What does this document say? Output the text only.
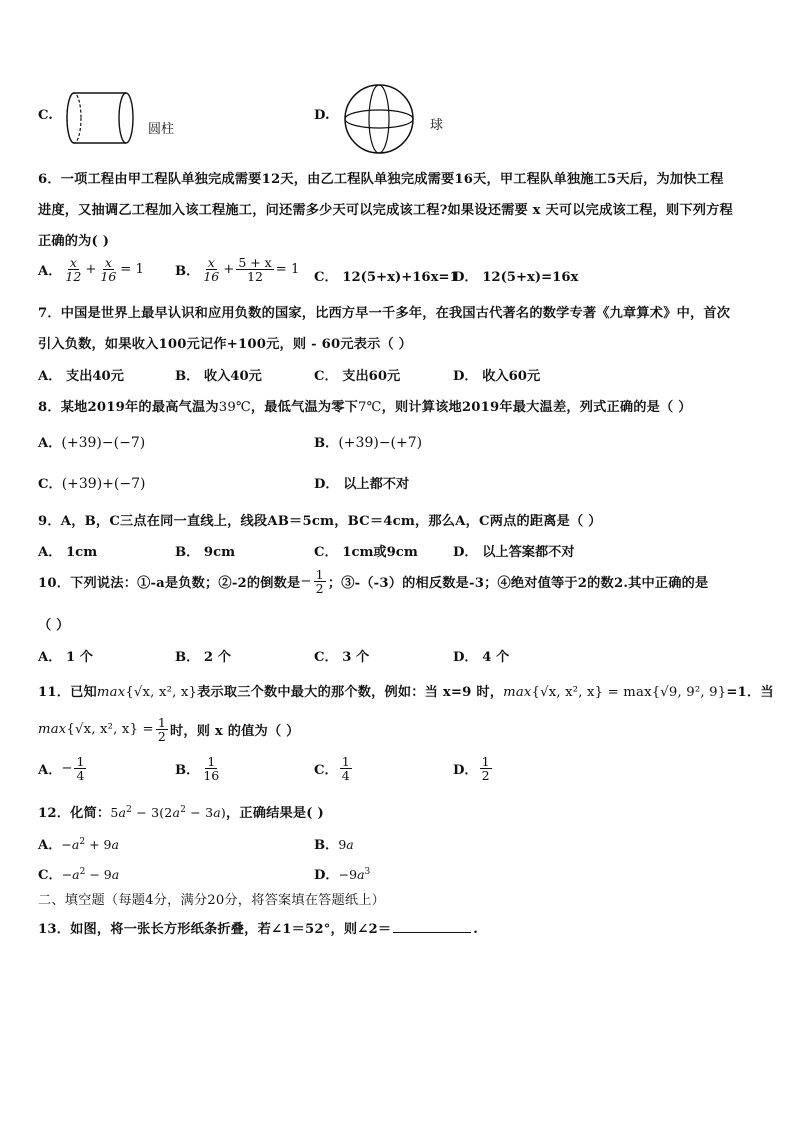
C.
圆柱
D.
球
6．一项工程由甲工程队单独完成需要12天，由乙工程队单独完成需要16天，甲工程队单独施工5天后，为加快工程
进度，又抽调乙工程加入该工程施工，问还需多少天可以完成该工程?如果设还需要 x 天可以完成该工程，则下列方程
正确的为( )
A． $\frac{x}{12} + \frac{x}{16} = 1$ B． $\frac{x}{16} + \frac{5 + x}{12} = 1$
C． 12(5+x)+16x=1
D． 12(5+x)=16x
7．中国是世界上最早认识和应用负数的国家，比西方早一千多年，在我国古代著名的数学专著《九章算术》中，首次
引入负数，如果收入100元记作+100元，则 - 60元表示（ ）
A． 支出40元	B． 收入40元	C． 支出60元	D． 收入60元
8．某地2019年的最高气温为39℃，最低气温为零下7℃，则计算该地2019年最大温差，列式正确的是（ ）
A．(+39)−(−7)	B．(+39)−(+7)
C．(+39)+(−7)	D． 以上都不对
9．A，B，C三点在同一直线上，线段AB＝5cm，BC＝4cm，那么A，C两点的距离是（ ）
A． 1cm	B． 9cm	C． 1cm或9cm	D． 以上答案都不对
10．下列说法：①-a是负数；②-2的倒数是 − $\frac{1}{2}$ ；③-（-3）的相反数是-3；④绝对值等于2的数2.其中正确的是
（ ）
A． 1 个	B． 2 个	C． 3 个	D． 4 个
11．已知max{√x, x², x}表示取三个数中最大的那个数，例如：当 x=9 时，max{√x, x², x} = max{√9, 9², 9}=1．当
max {√x, x², $x\} = \frac{1}{2}$ 时，则 x 的值为（ ）
A． − $\frac{1}{4}$	B． $\frac{1}{16}$	C． $\frac{1}{4}$	D． $\frac{1}{2}$
12．化简：$5a^2 - 3(2a^2 - 3a)$，正确结果是( )
A．$-a^2 + 9a$	B．9a
C．$-a^2 - 9a$	D．$-9a^3$
二、填空题（每题4分，满分20分，将答案填在答题纸上）
13．如图，将一张长方形纸条折叠，若∠1＝52°，则∠2＝	.
